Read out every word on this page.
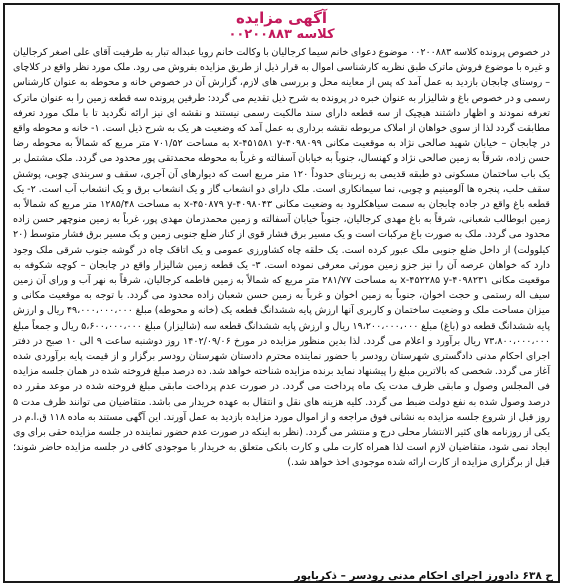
آگهی مزایده
کلاسه ۰۰۲۰۰۸۸۳

در خصوص پرونده کلاسه ۰۰۲۰۰۸۸۳ موضوع دعوای خانم سیما کرجالیان با وکالت خانم رویا عبداله تبار به طرفیت آقای علی اصغر کرجالیان و غیره با موضوع فروش ماترک طبق نظریه کارشناسی اموال به قرار ذیل از طریق مزایده بفروش می رود. ملک مورد نظر واقع در کلاچای – روستای چابجان بازدید به عمل آمد که پس از معاینه محل و بررسی های لازم، گزارش آن در خصوص خانه و محوطه به عنوان کارشناس رسمی و در خصوص باغ و شالیزار به عنوان خبره در پرونده به شرح ذیل تقدیم می گردد: طرفین پرونده سه قطعه زمین را به عنوان ماترک تعرفه نمودند و اظهار داشتند هیچیک از سه قطعه دارای سند مالکیت رسمی نیستند و نقشه ای نیز ارائه نگردید تا با ملک مورد تعرفه مطابقت گردد لذا از سوی خواهان از املاک مربوطه نقشه برداری به عمل آمد که وضعیت هر یک به شرح ذیل است. ۱- خانه و محوطه واقع در چابجان – خیابان شهید صالحی نژاد به موقعیت مکانی x-۴۵۱۵۸۱ y-۴۰۹۸۰۹۹ به مساحت ۷۰۱/۵۲ متر مربع که شمالاً به محوطه رضا حسن زاده، شرقاً به زمین صالحی نژاد و کهنسال، جنوباً به خیابان آسفالته و غرباً به محوطه محمدتقی پور محدود می گردد. ملک مشتمل بر یک باب ساختمان مسکونی دو طبقه قدیمی به زیربنای حدوداً ۱۲۰ متر مربع است که دیوارهای آن آجری، سقف و سربندی چوبی، پوشش سقف حلب، پنجره ها آلومینیم و چوبی، نما سیمانکاری است. ملک دارای دو انشعاب گاز و یک انشعاب برق و یک انشعاب آب است. ۲- یک قطعه باغ واقع در جاده چابجان به سمت سیاهکلرود به وضعیت مکانی x-۴۵۰۸۷۹ y-۴۰۹۸۰۴۳ به مساحت ۱۲۸۵/۴۸ متر مربع که شمالاً به زمین ابوطالب شعبانی، شرقاً به باغ مهدی کرجالیان، جنوباً خیابان آسفالته و زمین محمدزمان مهدی پور، غرباً به زمین منوچهر حسن زاده محدود می گردد. ملک به صورت باغ مرکبات است و یک مسیر برق فشار قوی از کنار ضلع جنوبی زمین و یک مسیر برق فشار متوسط (۲۰ کیلوولت) از داخل ضلع جنوبی ملک عبور کرده است. یک حلقه چاه کشاورزی عمومی و یک اتاقک چاه در گوشه جنوب شرقی ملک وجود دارد که خواهان عرصه آن را نیز جزو زمین مورثی معرفی نموده است. ۳- یک قطعه زمین شالیزار واقع در چابجان – کوچه شکوفه به موقعیت مکانی x-۴۵۲۲۸۵ y-۴۰۹۸۲۳۱ به مساحت ۲۸۱/۷۷ متر مربع که شمالاً به زمین فاطمه کرجالیان، شرقاً به نهر آب و ورای آن زمین سیف اله رستمی و حجت اخوان، جنوباً به زمین اخوان و غرباً به زمین حسن شعبان زاده محدود می گردد. با توجه به موقعیت مکانی و میزان مساحت ملک و وضعیت ساختمان و کاربری آنها ارزش پایه ششدانگ قطعه یک (خانه و محوطه) مبلغ ۴۹،۰۰۰،۰۰۰،۰۰۰ ریال و ارزش پایه ششدانگ قطعه دو (باغ) مبلغ ۱۹،۲۰۰،۰۰۰،۰۰۰ ریال و ارزش پایه ششدانگ قطعه سه (شالیزار) مبلغ ۵،۶۰۰،۰۰۰،۰۰۰ ریال و جمعاً مبلغ ۷۳،۸۰۰،۰۰۰،۰۰۰ ریال برآورد و اعلام می گردد. لذا بدین منظور مزایده در مورخ ۱۴۰۲/۰۹/۰۶ روز دوشنبه ساعت ۹ الی ۱۰ صبح در دفتر اجرای احکام مدنی دادگستری شهرستان رودسر با حضور نماینده محترم دادستان شهرستان رودسر برگزار و از قیمت پایه برآوردی شده آغاز می گردد. شخصی که بالاترین مبلغ را پیشنهاد نماید برنده مزایده شناخته خواهد شد. ده درصد مبلغ فروخته شده در همان جلسه مزایده فی المجلس وصول و مابقی ظرف مدت یک ماه پرداخت می گردد. در صورت عدم پرداخت مابقی مبلغ فروخته شده در موعد مقرر ده درصد وصول شده به نفع دولت ضبط می گردد. کلیه هزینه های نقل و انتقال به عهده خریدار می باشد. متقاضیان می توانند ظرف مدت ۵ روز قبل از شروع جلسه مزایده به نشانی فوق مراجعه و از اموال مورد مزایده بازدید به عمل آورند. این آگهی مستند به ماده ۱۱۸ ق.ا.م در یکی از روزنامه های کثیر الانتشار محلی درج و منتشر می گردد. (نظر به اینکه در صورت عدم حضور نماینده در جلسه مزایده حقی برای وی ایجاد نمی شود، متقاضیان لازم است لذا همراه کارت ملی و کارت بانکی متعلق به خریدار با موجودی کافی در جلسه مزایده حاضر شوند؛ قبل از برگزاری مزایده از کارت ارائه شده موجودی اخذ خواهد شد.)

ح ۶۳۸ دادورز اجرای احکام مدنی رودسر – ذکریاپور
